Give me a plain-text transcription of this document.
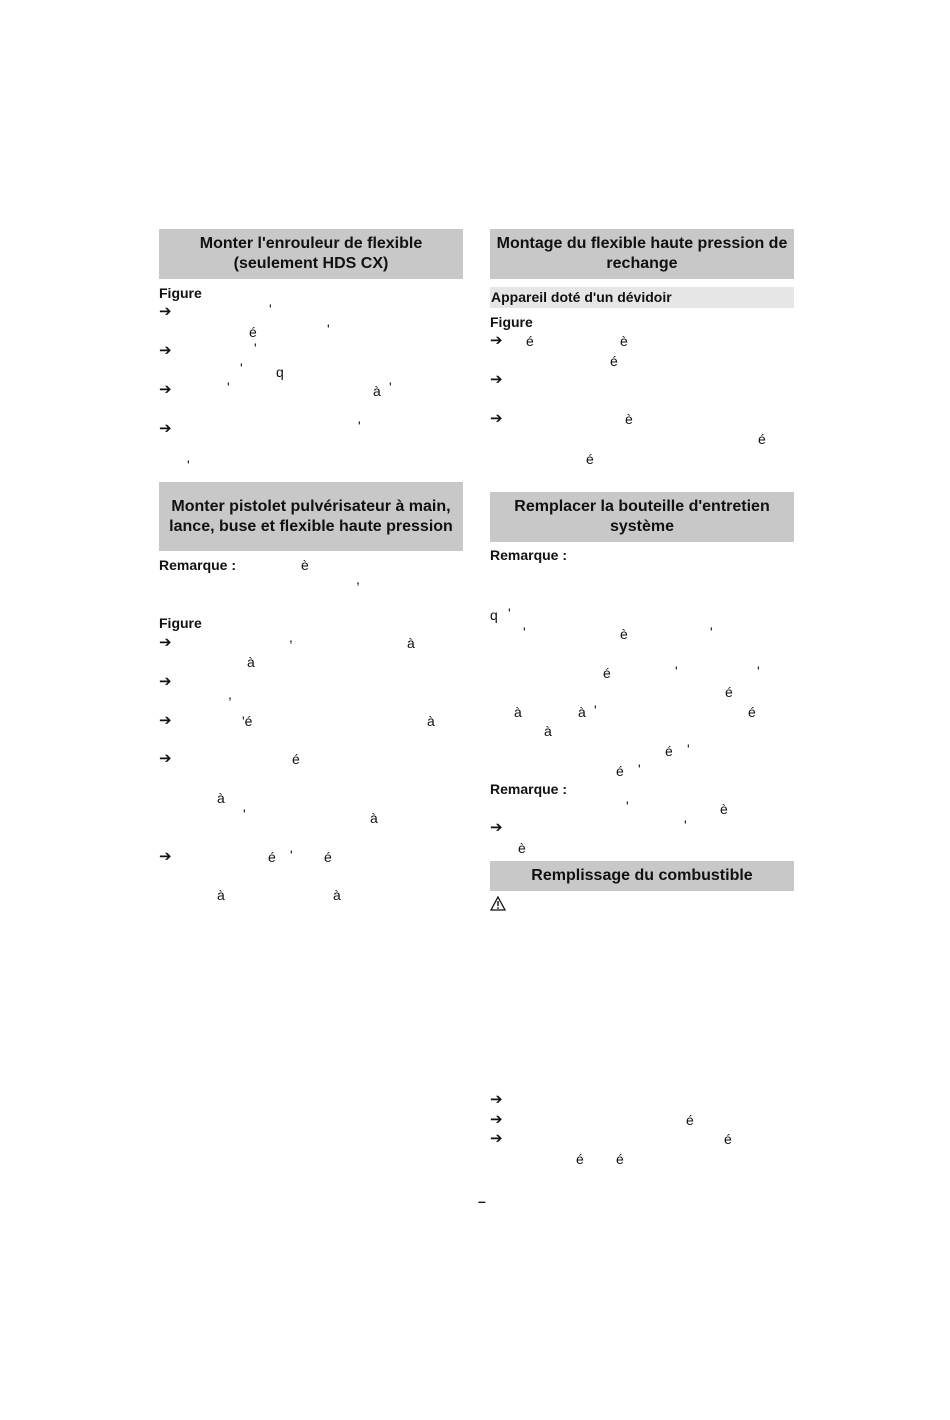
Monter l'enrouleur de flexible (seulement HDS CX)
Figure
➔	'
é	'
➔	'
' q
➔	'	à '
➔	'
'
Monter pistolet pulvérisateur à main, lance, buse et flexible haute pression
Remarque :	è
,
Figure
➔	,	à
à
➔
,
➔	'é	à
➔	é
à
'	à
➔	é ' é
à	à
Montage du flexible haute pression de rechange
Appareil doté d'un dévidoir
Figure
➔ é	è
é
➔
➔	è
é
é
Remplacer la bouteille d'entretien système
Remarque :
q '
'	è	'
é	'	'
é
à	à '	é
à
é '
é '
Remarque :
'	è
➔	'
è
Remplissage du combustible
➔
➔	é
➔	é
é é
–
